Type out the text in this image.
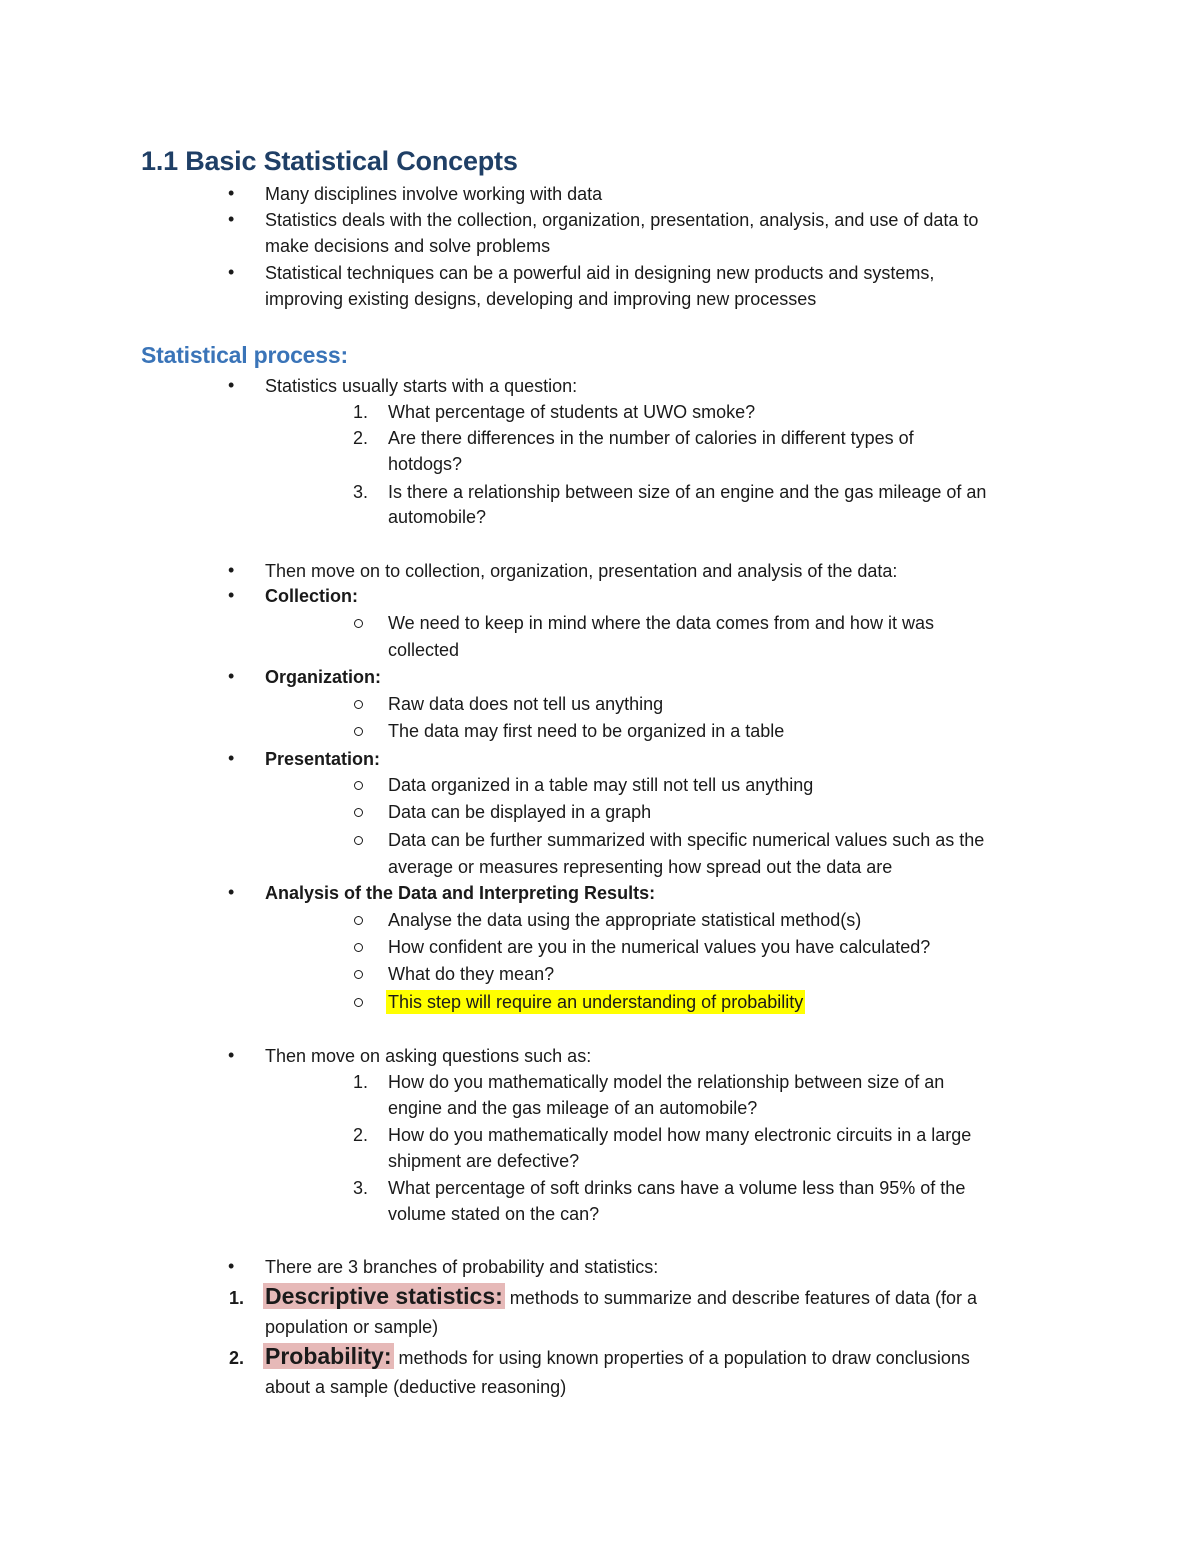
1.1 Basic Statistical Concepts
• Many disciplines involve working with data
• Statistics deals with the collection, organization, presentation, analysis, and use of data to
make decisions and solve problems
• Statistical techniques can be a powerful aid in designing new products and systems,
improving existing designs, developing and improving new processes
Statistical process:
• Statistics usually starts with a question:
1. What percentage of students at UWO smoke?
2. Are there differences in the number of calories in different types of
hotdogs?
3. Is there a relationship between size of an engine and the gas mileage of an
automobile?
• Then move on to collection, organization, presentation and analysis of the data:
• Collection:
We need to keep in mind where the data comes from and how it was
collected
• Organization:
Raw data does not tell us anything
The data may first need to be organized in a table
• Presentation:
Data organized in a table may still not tell us anything
Data can be displayed in a graph
Data can be further summarized with specific numerical values such as the
average or measures representing how spread out the data are
• Analysis of the Data and Interpreting Results:
Analyse the data using the appropriate statistical method(s)
How confident are you in the numerical values you have calculated?
What do they mean?
This step will require an understanding of probability
• Then move on asking questions such as:
1. How do you mathematically model the relationship between size of an
engine and the gas mileage of an automobile?
2. How do you mathematically model how many electronic circuits in a large
shipment are defective?
3. What percentage of soft drinks cans have a volume less than 95% of the
volume stated on the can?
• There are 3 branches of probability and statistics:
1. Descriptive statistics: methods to summarize and describe features of data (for a
population or sample)
2. Probability: methods for using known properties of a population to draw conclusions
about a sample (deductive reasoning)
